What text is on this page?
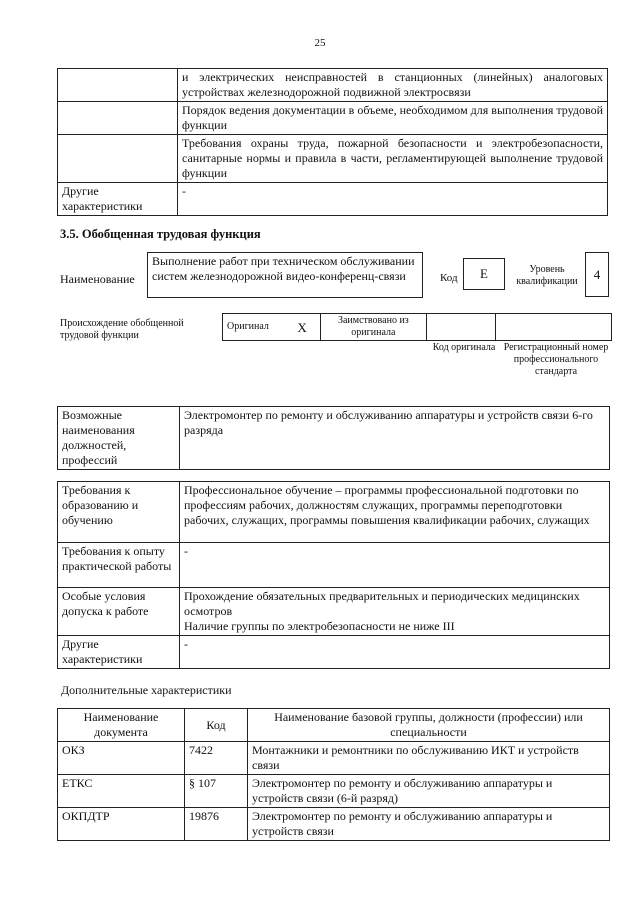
25
	и электрических неисправностей в станционных (линейных) аналоговых устройствах железнодорожной подвижной электросвязи
	Порядок ведения документации в объеме, необходимом для выполнения трудовой функции
	Требования охраны труда, пожарной безопасности и электробезопасности, санитарные нормы и правила в части, регламентирующей выполнение трудовой функции
Другие характеристики	-
3.5. Обобщенная трудовая функция
Наименование
Выполнение работ при техническом обслуживании систем железнодорожной видео-конференц-связи	Код	E	Уровень квалификации	4
Происхождение обобщенной трудовой функции
Оригинал	X	Заимствовано из оригинала		
Код оригинала Регистрационный номер профессионального стандарта
Возможные наименования должностей, профессий	Электромонтер по ремонту и обслуживанию аппаратуры и устройств связи 6-го разряда
Требования к образованию и обучению	Профессиональное обучение – программы профессиональной подготовки по профессиям рабочих, должностям служащих, программы переподготовки рабочих, служащих, программы повышения квалификации рабочих, служащих
Требования к опыту практической работы	-
Особые условия допуска к работе	Прохождение обязательных предварительных и периодических медицинских осмотров
Наличие группы по электробезопасности не ниже III

Другие характеристики	-
Дополнительные характеристики
Наименование документа	Код	Наименование базовой группы, должности (профессии) или специальности
ОКЗ	7422	Монтажники и ремонтники по обслуживанию ИКТ и устройств связи
ЕТКС	§ 107	Электромонтер по ремонту и обслуживанию аппаратуры и устройств связи (6-й разряд)
ОКПДТР	19876	Электромонтер по ремонту и обслуживанию аппаратуры и устройств связи
